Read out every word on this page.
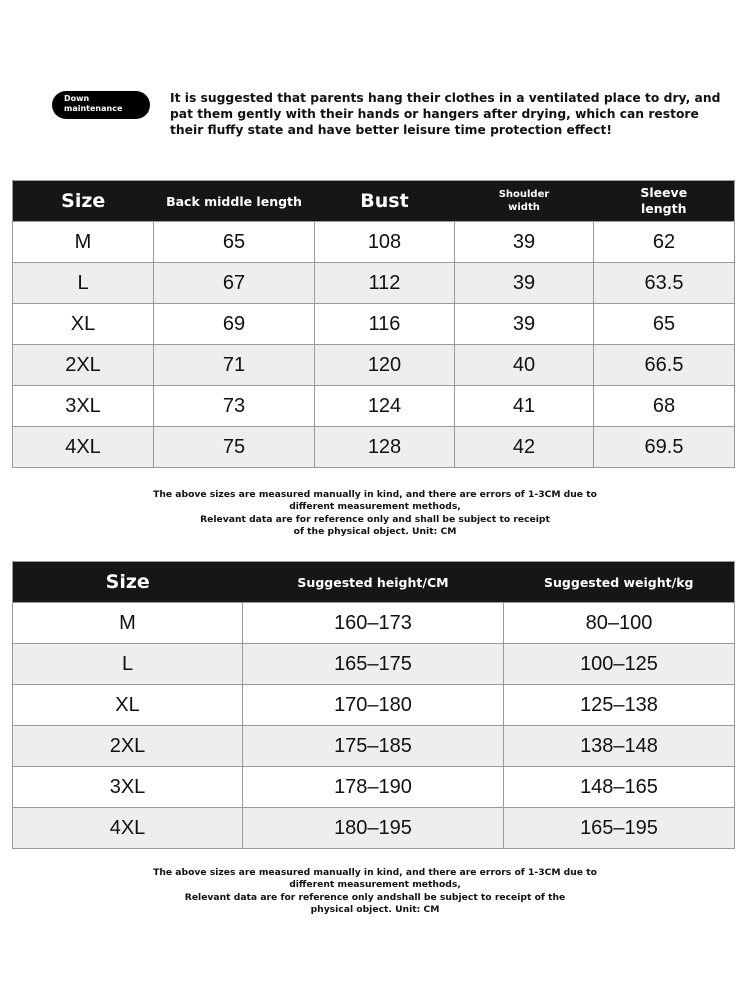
Down
maintenance
It is suggested that parents hang their clothes in a ventilated place to dry, and pat them gently with their hands or hangers after drying, which can restore their fluffy state and have better leisure time protection effect!
Size	Back middle length	Bust	Shoulder width	Sleeve length
M	65	108	39	62
L	67	112	39	63.5
XL	69	116	39	65
2XL	71	120	40	66.5
3XL	73	124	41	68
4XL	75	128	42	69.5
The above sizes are measured manually in kind, and there are errors of 1-3CM due to
different measurement methods,
Relevant data are for reference only and shall be subject to receipt
of the physical object. Unit: CM
Size	Suggested height/CM	Suggested weight/kg
M	160–173	80–100
L	165–175	100–125
XL	170–180	125–138
2XL	175–185	138–148
3XL	178–190	148–165
4XL	180–195	165–195
The above sizes are measured manually in kind, and there are errors of 1-3CM due to
different measurement methods,
Relevant data are for reference only andshall be subject to receipt of the
physical object. Unit: CM
